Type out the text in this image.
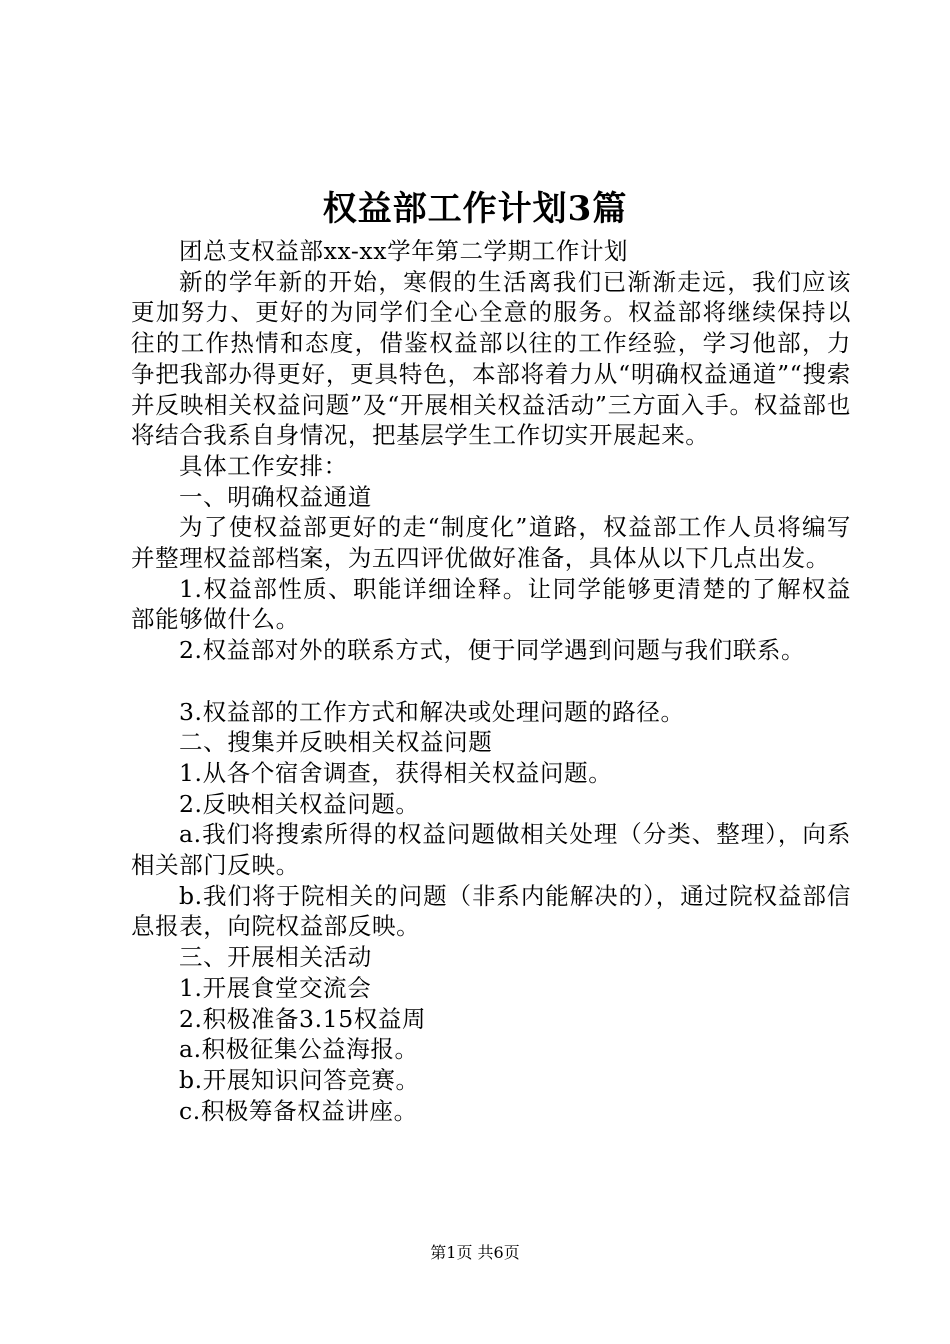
权益部工作计划3篇

团总支权益部xx-xx学年第二学期工作计划

新的学年新的开始，寒假的生活离我们已渐渐走远，我们应该更加努力、更好的为同学们全心全意的服务。权益部将继续保持以往的工作热情和态度，借鉴权益部以往的工作经验，学习他部，力争把我部办得更好，更具特色，本部将着力从“明确权益通道”“搜索并反映相关权益问题”及“开展相关权益活动”三方面入手。权益部也将结合我系自身情况，把基层学生工作切实开展起来。

具体工作安排：

一、明确权益通道

为了使权益部更好的走“制度化”道路，权益部工作人员将编写并整理权益部档案，为五四评优做好准备，具体从以下几点出发。

1.权益部性质、职能详细诠释。让同学能够更清楚的了解权益部能够做什么。

2.权益部对外的联系方式，便于同学遇到问题与我们联系。

3.权益部的工作方式和解决或处理问题的路径。

二、搜集并反映相关权益问题

1.从各个宿舍调查，获得相关权益问题。

2.反映相关权益问题。

a.我们将搜索所得的权益问题做相关处理（分类、整理），向系相关部门反映。

b.我们将于院相关的问题（非系内能解决的），通过院权益部信息报表，向院权益部反映。

三、开展相关活动

1.开展食堂交流会

2.积极准备3.15权益周

a.积极征集公益海报。

b.开展知识问答竞赛。

c.积极筹备权益讲座。

第1页 共6页
